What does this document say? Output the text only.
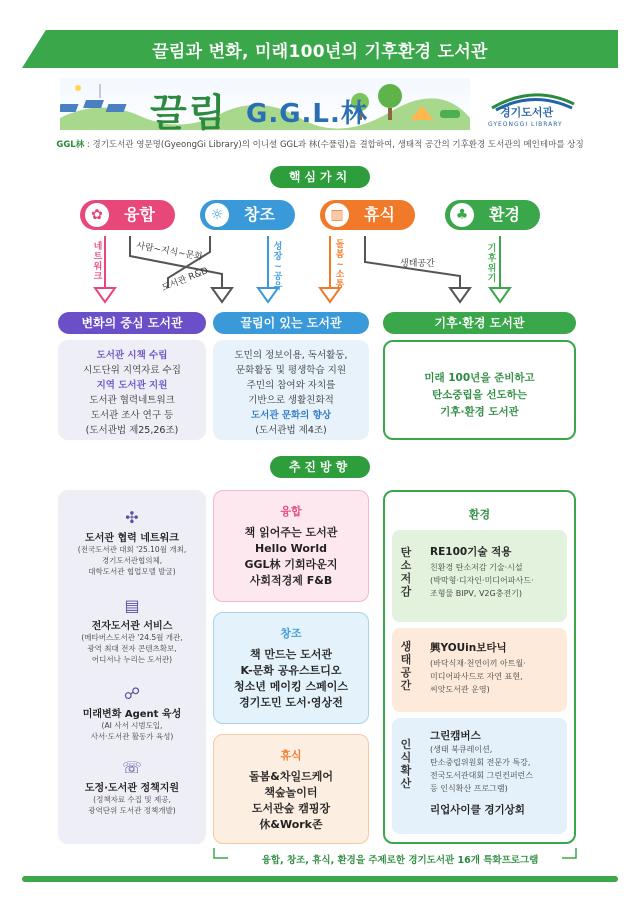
끌림과 변화, 미래100년의 기후환경 도서관
끌림 G.G.L.林	경기도서관
GYEONGGI LIBRARY
GGL林 : 경기도서관 영문명(GyeongGi Library)의 이니셜 GGL과 林(수풀림)을 결합하여, 생태적 공간의 기후환경 도서관의 메인테마를 상징
핵심가치
✿	융합	☼	창조	▥	휴식	♣	환경
네트워크
사람~지식~문화
도서관 R&D
성장~공유
돌봄~소통
생태공간
기후위기
변화의 중심 도서관	끌림이 있는 도서관	기후·환경 도서관
도서관 시책 수립
시도단위 지역자료 수집
지역 도서관 지원
도서관 협력네트워크
도서관 조사 연구 등
(도서관법 제25,26조)
도민의 정보이용, 독서활동,
문화활동 및 평생학습 지원
주민의 참여와 자치를
기반으로 생활친화적
도서관 문화의 향상
(도서관법 제4조)
미래 100년을 준비하고
탄소중립을 선도하는
기후·환경 도서관
추진방향
✣
도서관 협력 네트워크
(전국도서관 대회 '25.10월 개최,
경기도서관협의체,
대학도서관 협업모델 발굴)
▤
전자도서관 서비스
(메타버스도서관 '24.5월 개관,
광역 최대 전자 콘텐츠확보,
어디서나 누리는 도서관)
☍
미래변화 Agent 육성
(AI 사서 시범도입,
사서·도서관 활동가 육성)
☏
도정·도서관 정책지원
(정책자료 수집 및 제공,
광역단위 도서관 정책개발)
융합
책 읽어주는 도서관
Hello World
GGL林 기회라운지
사회적경제 F&B
창조
책 만드는 도서관
K-문화 공유스트디오
청소년 메이킹 스페이스
경기도민 도서·영상전
휴식
돌봄&차일드케어
책숲놀이터
도서관숲 캠핑장
休&Work존
환경
탄소저감
RE100기술 적용
친환경 탄소저감 기술·시설
(박막형·디자인·미디어파사드·
조형물 BIPV, V2G충전기)
생태공간
興YOUin보타닉
(바닥식재·천연이끼 아트월·
미디어파사드로 자연 표현,
씨앗도서관 운영)
인식확산
그린캠버스
(생태 북큐레이션,
탄소중립위원회 전문가 특강,
전국도서관대회 그린컨퍼런스
등 인식확산 프로그램)
리업사이클 경기상회
융합, 창조, 휴식, 환경을 주제로한 경기도서관 16개 특화프로그램
